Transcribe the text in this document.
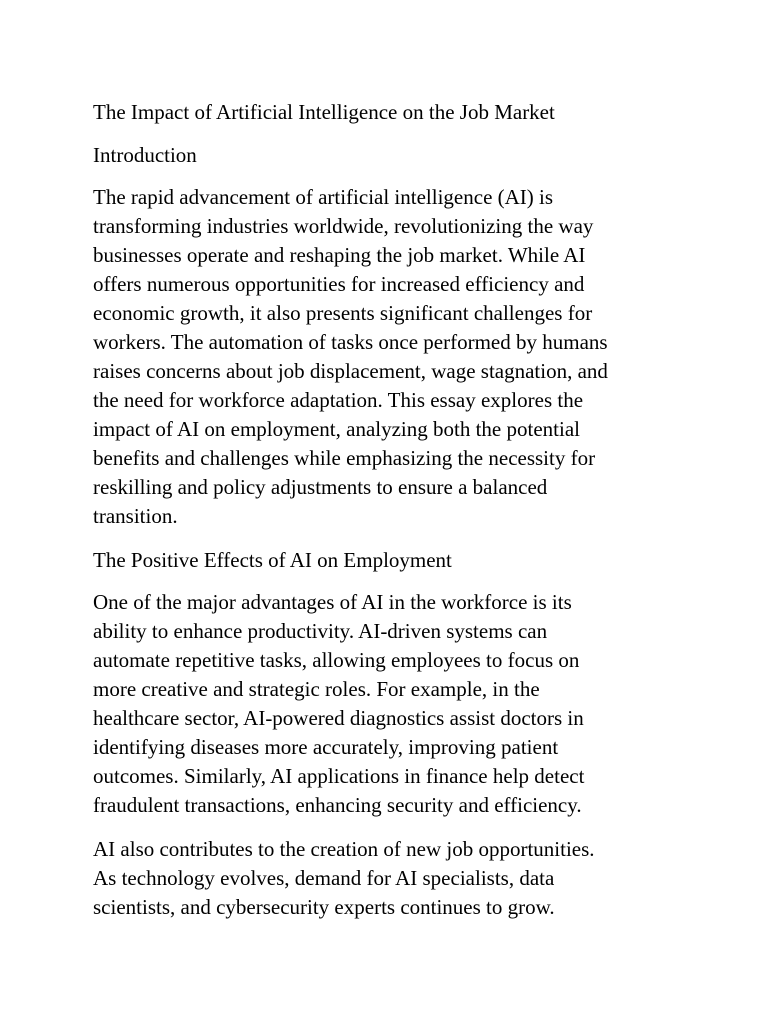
The Impact of Artificial Intelligence on the Job Market
Introduction
The rapid advancement of artificial intelligence (AI) is
transforming industries worldwide, revolutionizing the way
businesses operate and reshaping the job market. While AI
offers numerous opportunities for increased efficiency and
economic growth, it also presents significant challenges for
workers. The automation of tasks once performed by humans
raises concerns about job displacement, wage stagnation, and
the need for workforce adaptation. This essay explores the
impact of AI on employment, analyzing both the potential
benefits and challenges while emphasizing the necessity for
reskilling and policy adjustments to ensure a balanced
transition.
The Positive Effects of AI on Employment
One of the major advantages of AI in the workforce is its
ability to enhance productivity. AI-driven systems can
automate repetitive tasks, allowing employees to focus on
more creative and strategic roles. For example, in the
healthcare sector, AI-powered diagnostics assist doctors in
identifying diseases more accurately, improving patient
outcomes. Similarly, AI applications in finance help detect
fraudulent transactions, enhancing security and efficiency.
AI also contributes to the creation of new job opportunities.
As technology evolves, demand for AI specialists, data
scientists, and cybersecurity experts continues to grow.
